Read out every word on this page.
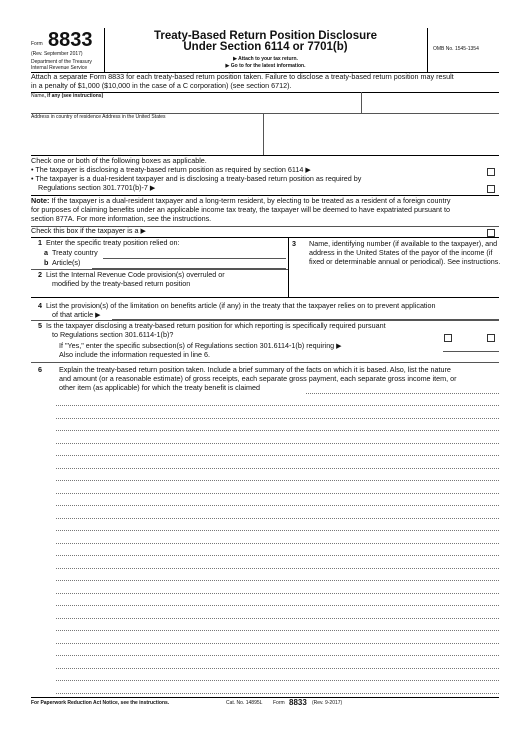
Form 8833
(Rev. September 2017)
Department of the Treasury
Internal Revenue Service
Treaty-Based Return Position Disclosure
Under Section 6114 or 7701(b)
▶ Attach to your tax return.
▶ Go to for the latest information.
OMB No. 1545-1354
Attach a separate Form 8833 for each treaty-based return position taken. Failure to disclose a treaty-based return position may result
in a penalty of $1,000 ($10,000 in the case of a C corporation) (see section 6712).
Name, if any (see instructions)
Address in country of residence Address in the United States
Check one or both of the following boxes as applicable.
• The taxpayer is disclosing a treaty-based return position as required by section 6114 ▶
• The taxpayer is a dual-resident taxpayer and is disclosing a treaty-based return position as required by
Regulations section 301.7701(b)-7 ▶
Note: If the taxpayer is a dual-resident taxpayer and a long-term resident, by electing to be treated as a resident of a foreign country
for purposes of claiming benefits under an applicable income tax treaty, the taxpayer will be deemed to have expatriated pursuant to
section 877A. For more information, see the instructions.
Check this box if the taxpayer is a ▶
1 Enter the specific treaty position relied on:
a Treaty country
b Article(s)
2 List the Internal Revenue Code provision(s) overruled or
modified by the treaty-based return position
3 Name, identifying number (if available to the taxpayer), and
address in the United States of the payor of the income (if
fixed or determinable annual or periodical). See instructions.
4 List the provision(s) of the limitation on benefits article (if any) in the treaty that the taxpayer relies on to prevent application
of that article ▶
5 Is the taxpayer disclosing a treaty-based return position for which reporting is specifically required pursuant
to Regulations section 301.6114-1(b)?
If "Yes," enter the specific subsection(s) of Regulations section 301.6114-1(b) requiring ▶
Also include the information requested in line 6.
6 Explain the treaty-based return position taken. Include a brief summary of the facts on which it is based. Also, list the nature
and amount (or a reasonable estimate) of gross receipts, each separate gross payment, each separate gross income item, or
other item (as applicable) for which the treaty benefit is claimed
For Paperwork Reduction Act Notice, see the instructions.	Cat. No. 14895L Form 8833 (Rev. 9-2017)
